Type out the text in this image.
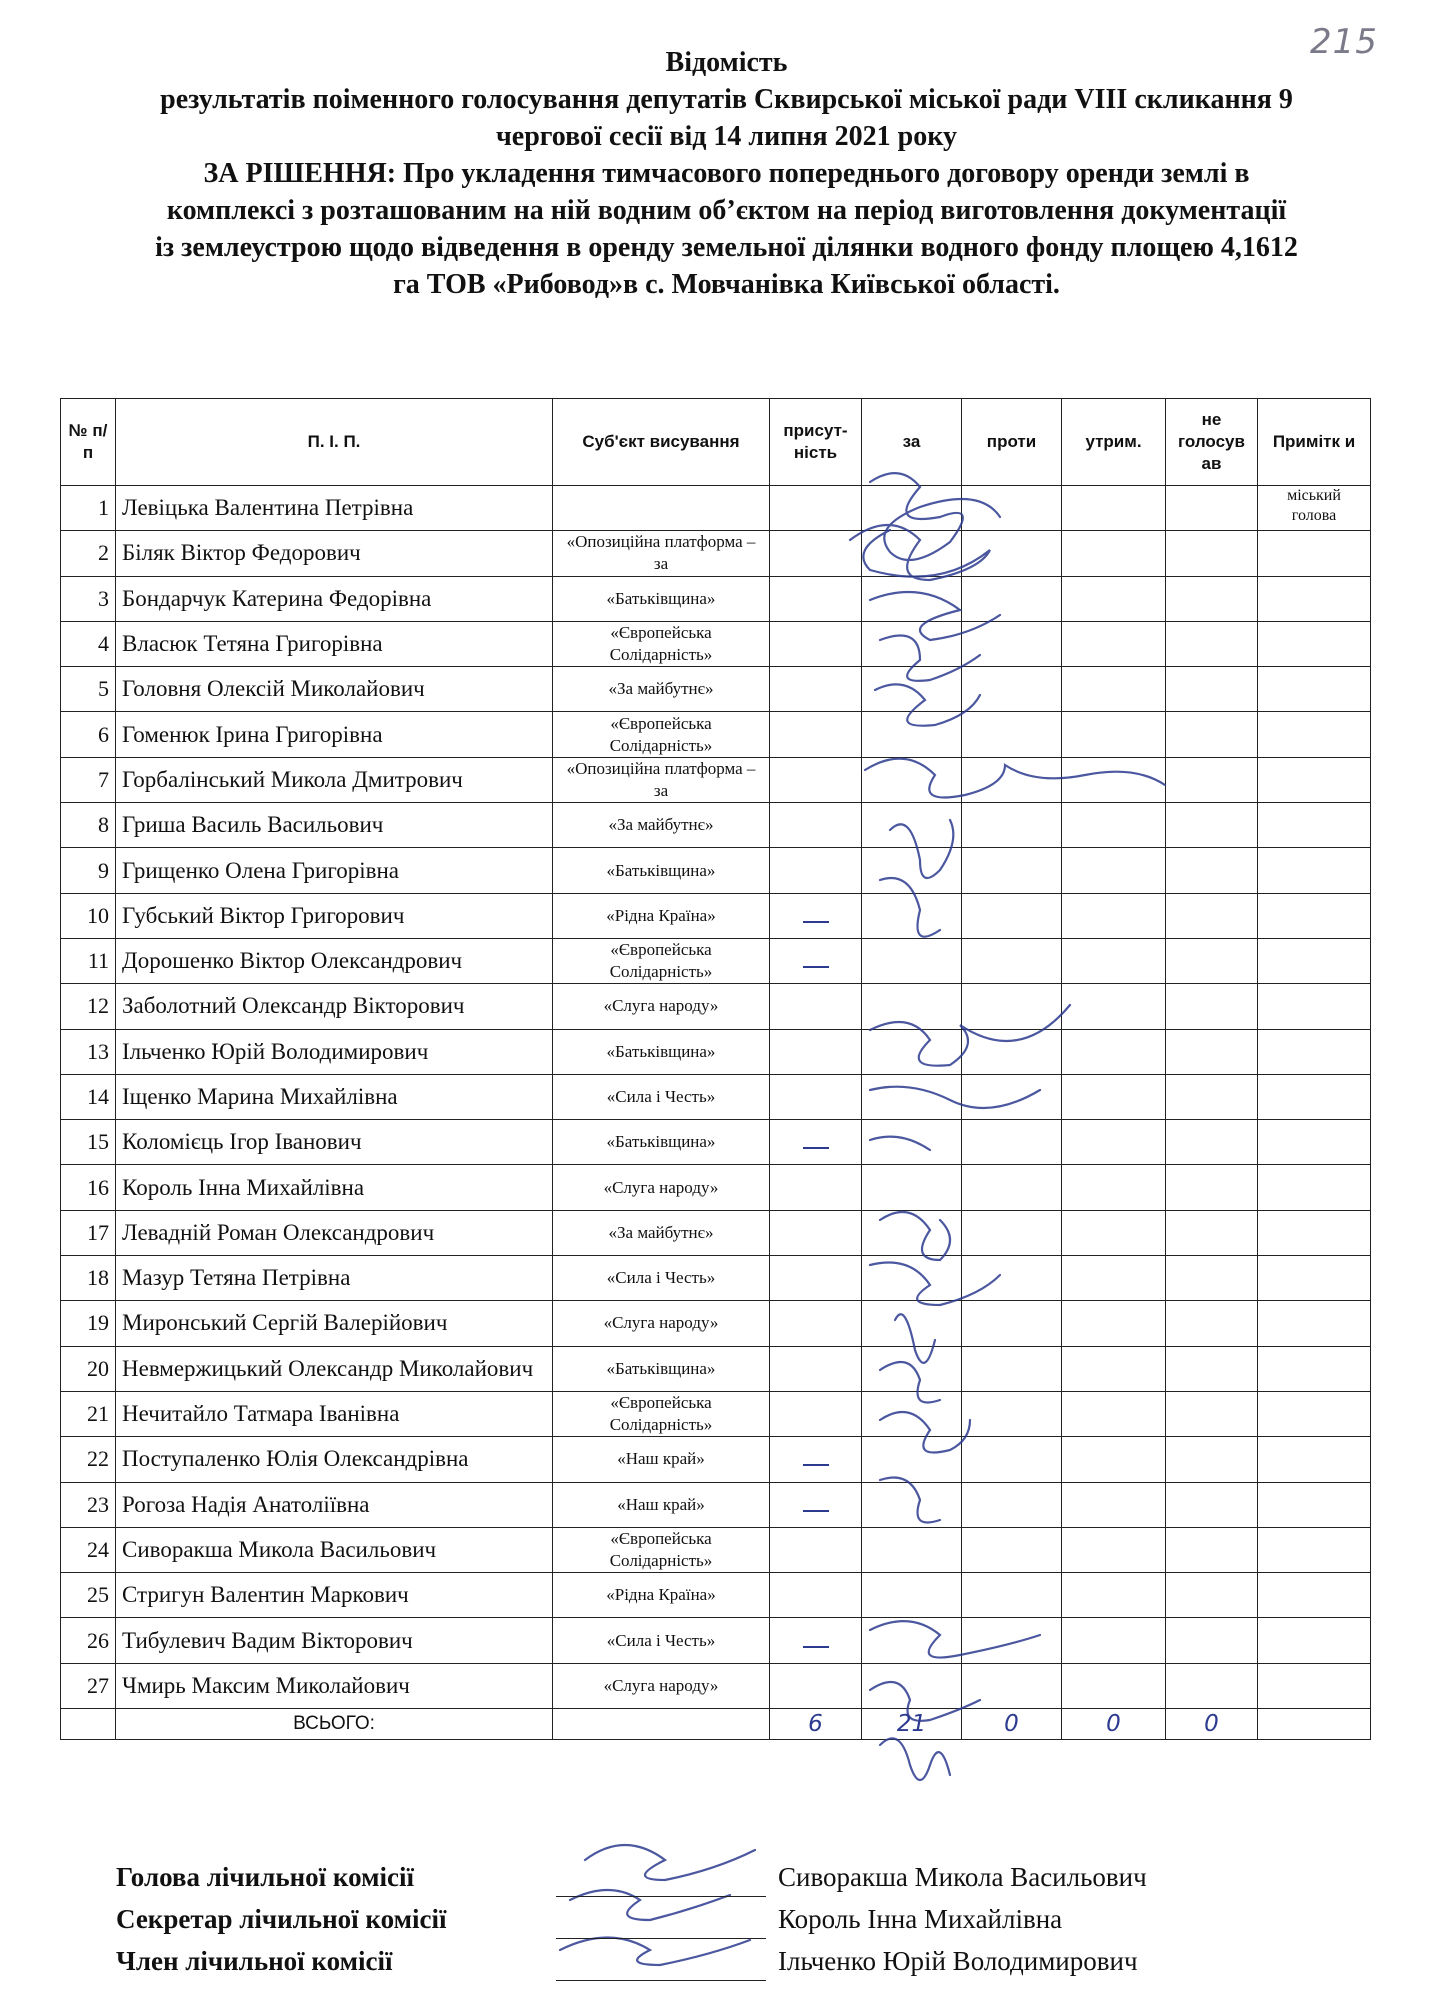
215
Відомість
результатів поіменного голосування депутатів Сквирської міської ради VIII скликання 9
чергової сесії від 14 липня 2021 року
ЗА РІШЕННЯ: Про укладення тимчасового попереднього договору оренди землі в
комплексі з розташованим на ній водним об’єктом на період виготовлення документації
із землеустрою щодо відведення в оренду земельної ділянки водного фонду площею 4,1612
га ТОВ «Рибовод»в с. Мовчанівка Київської області.
№ п/п	П. І. П.	Суб'єкт висування	присут-ність	за	проти	утрим.	не голосув ав	Примітк и
1	Левіцька Валентина Петрівна							міський голова
2	Біляк Віктор Федорович	«Опозиційна платформа – за						
3	Бондарчук Катерина Федорівна	«Батьківщина»						
4	Власюк Тетяна Григорівна	«Європейська Солідарність»						
5	Головня Олексій Миколайович	«За майбутнє»						
6	Гоменюк Ірина Григорівна	«Європейська Солідарність»						
7	Горбалінський Микола Дмитрович	«Опозиційна платформа – за						
8	Гриша Василь Васильович	«За майбутнє»						
9	Грищенко Олена Григорівна	«Батьківщина»						
10	Губський Віктор Григорович	«Рідна Країна»						
11	Дорошенко Віктор Олександрович	«Європейська Солідарність»						
12	Заболотний Олександр Вікторович	«Слуга народу»						
13	Ільченко Юрій Володимирович	«Батьківщина»						
14	Іщенко Марина Михайлівна	«Сила і Честь»						
15	Коломієць Ігор Іванович	«Батьківщина»						
16	Король Інна Михайлівна	«Слуга народу»						
17	Левадній Роман Олександрович	«За майбутнє»						
18	Мазур Тетяна Петрівна	«Сила і Честь»						
19	Миронський Сергій Валерійович	«Слуга народу»						
20	Невмержицький Олександр Миколайович	«Батьківщина»						
21	Нечитайло Татмара Іванівна	«Європейська Солідарність»						
22	Поступаленко Юлія Олександрівна	«Наш край»						
23	Рогоза Надія Анатоліївна	«Наш край»						
24	Сиворакша Микола Васильович	«Європейська Солідарність»						
25	Стригун Валентин Маркович	«Рідна Країна»						
26	Тибулевич Вадим Вікторович	«Сила і Честь»						
27	Чмирь Максим Миколайович	«Слуга народу»						
	ВСЬОГО:		6	21	0	0	0	
Голова лічильної комісії	Сиворакша Микола Васильович
Секретар лічильної комісії	Король Інна Михайлівна
Член лічильної комісії	Ільченко Юрій Володимирович
